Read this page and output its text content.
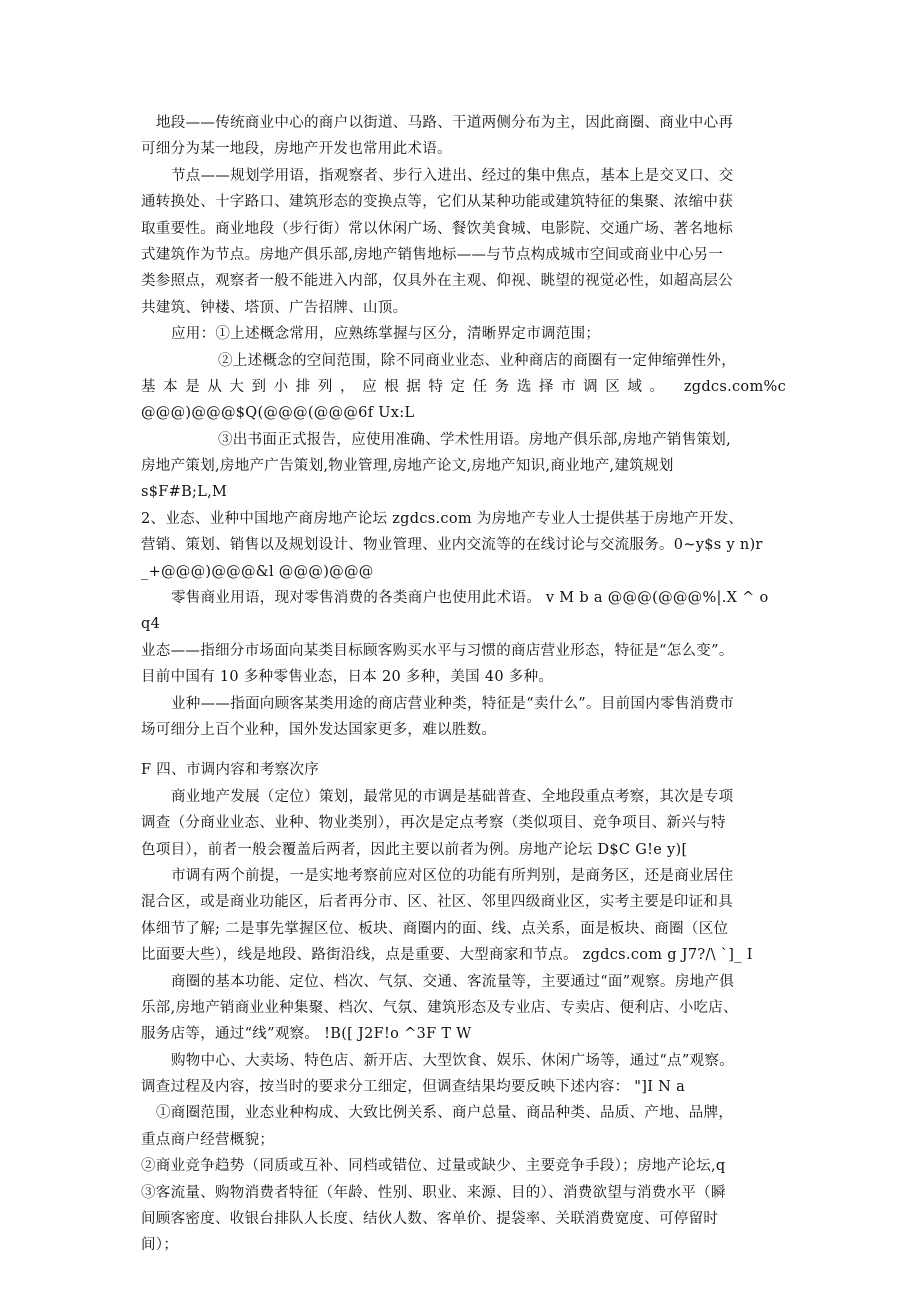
地段——传统商业中心的商户以街道、马路、干道两侧分布为主，因此商圈、商业中心再
可细分为某一地段，房地产开发也常用此术语。
节点——规划学用语，指观察者、步行入进出、经过的集中焦点，基本上是交叉口、交
通转换处、十字路口、建筑形态的变换点等，它们从某种功能或建筑特征的集聚、浓缩中获
取重要性。商业地段（步行街）常以休闲广场、餐饮美食城、电影院、交通广场、著名地标
式建筑作为节点。房地产俱乐部,房地产销售地标——与节点构成城市空间或商业中心另一
类参照点，观察者一般不能进入内部，仅具外在主观、仰视、眺望的视觉必性，如超高层公
共建筑、钟楼、塔顶、广告招牌、山顶。
应用：①上述概念常用，应熟练掌握与区分，清晰界定市调范围；
②上述概念的空间范围，除不同商业业态、业种商店的商圈有一定伸缩弹性外，
基本是从大到小排列，应根据特定任务选择市调区域。 zgdcs.com%c
@@@)@@@$Q(@@@(@@@6f Ux:L
③出书面正式报告，应使用准确、学术性用语。房地产俱乐部,房地产销售策划,
房地产策划,房地产广告策划,物业管理,房地产论文,房地产知识,商业地产,建筑规划
s$F#B;L,M
2、业态、业种中国地产商房地产论坛 zgdcs.com 为房地产专业人士提供基于房地产开发、
营销、策划、销售以及规划设计、物业管理、业内交流等的在线讨论与交流服务。0~y$s y n)r
_+@@@)@@@&l @@@)@@@
零售商业用语，现对零售消费的各类商户也使用此术语。 v M b a @@@(@@@%|.X ^ o
q4
业态——指细分市场面向某类目标顾客购买水平与习惯的商店营业形态，特征是“怎么变”。
目前中国有 10 多种零售业态，日本 20 多种，美国 40 多种。
业种——指面向顾客某类用途的商店营业种类，特征是“卖什么”。目前国内零售消费市
场可细分上百个业种，国外发达国家更多，难以胜数。
F 四、市调内容和考察次序
商业地产发展（定位）策划，最常见的市调是基础普查、全地段重点考察，其次是专项
调查（分商业业态、业种、物业类别），再次是定点考察（类似项目、竞争项目、新兴与特
色项目），前者一般会覆盖后两者，因此主要以前者为例。房地产论坛 D$C G!e y)[
市调有两个前提，一是实地考察前应对区位的功能有所判别，是商务区，还是商业居住
混合区，或是商业功能区，后者再分市、区、社区、邻里四级商业区，实考主要是印证和具
体细节了解; 二是事先掌握区位、板块、商圈内的面、线、点关系，面是板块、商圈（区位
比面要大些），线是地段、路街沿线，点是重要、大型商家和节点。 zgdcs.com g J7?/\ `]_ I
商圈的基本功能、定位、档次、气氛、交通、客流量等，主要通过“面”观察。房地产俱
乐部,房地产销商业业种集聚、档次、气氛、建筑形态及专业店、专卖店、便利店、小吃店、
服务店等，通过“线”观察。 !B([ J2F!o ^3F T W
购物中心、大卖场、特色店、新开店、大型饮食、娱乐、休闲广场等，通过“点”观察。
调查过程及内容，按当时的要求分工细定，但调查结果均要反映下述内容： "]I N a
①商圈范围，业态业种构成、大致比例关系、商户总量、商品种类、品质、产地、品牌，
重点商户经营概貌；
②商业竞争趋势（同质或互补、同档或错位、过量或缺少、主要竞争手段）；房地产论坛,q
③客流量、购物消费者特征（年龄、性别、职业、来源、目的）、消费欲望与消费水平（瞬
间顾客密度、收银台排队人长度、结伙人数、客单价、提袋率、关联消费宽度、可停留时
间）；
